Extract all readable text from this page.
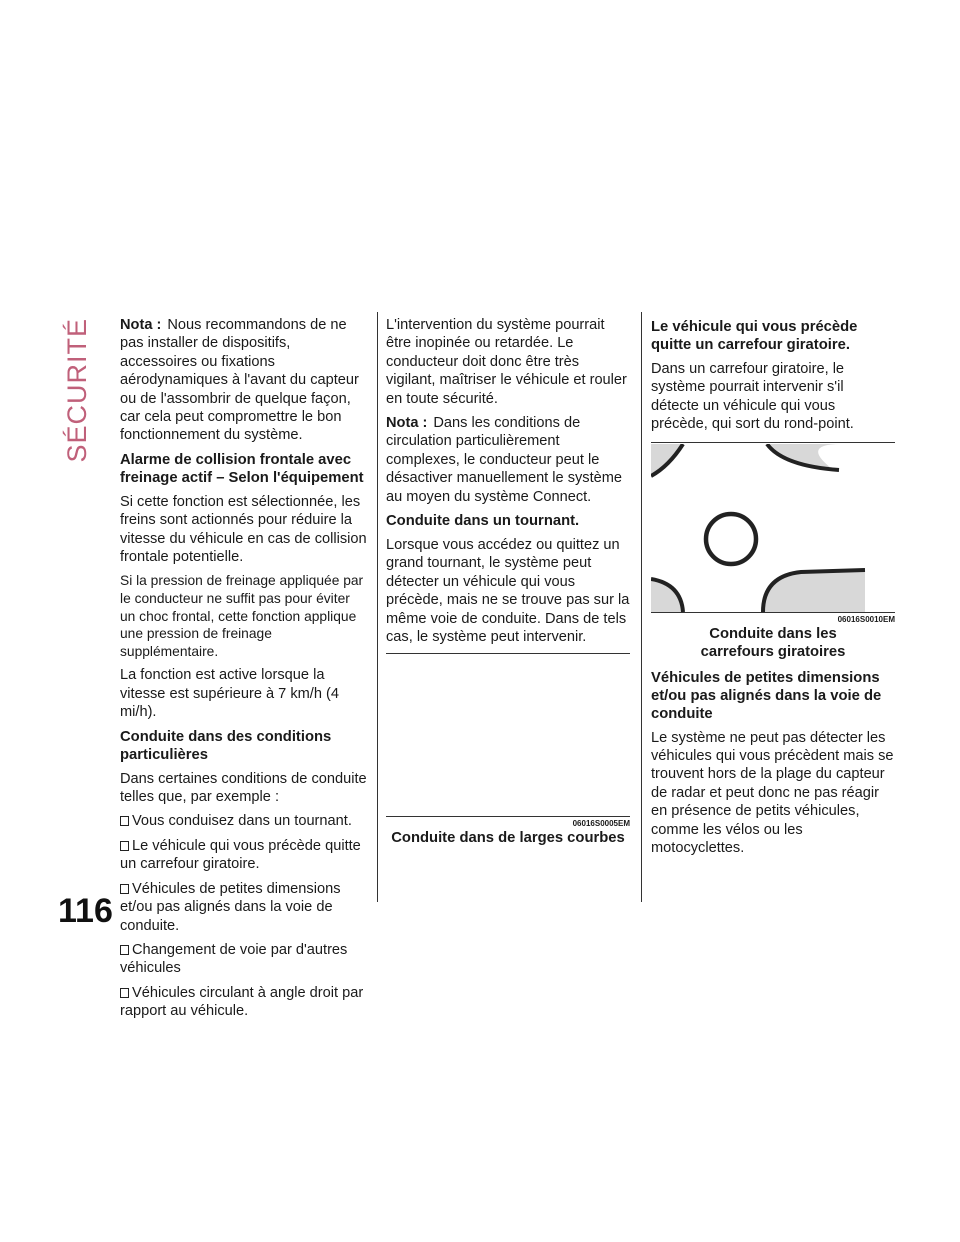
SÉCURITÉ
116

Nota : Nous recommandons de ne pas installer de dispositifs, accessoires ou fixations aérodynamiques à l'avant du capteur ou de l'assombrir de quelque façon, car cela peut compromettre le bon fonctionnement du système.

Alarme de collision frontale avec freinage actif – Selon l'équipement

Si cette fonction est sélectionnée, les freins sont actionnés pour réduire la vitesse du véhicule en cas de collision frontale potentielle.

Si la pression de freinage appliquée par le conducteur ne suffit pas pour éviter un choc frontal, cette fonction applique une pression de freinage supplémentaire.

La fonction est active lorsque la vitesse est supérieure à 7 km/h (4 mi/h).

Conduite dans des conditions particulières

Dans certaines conditions de conduite telles que, par exemple :

Vous conduisez dans un tournant.

Le véhicule qui vous précède quitte un carrefour giratoire.

Véhicules de petites dimensions et/ou pas alignés dans la voie de conduite.

Changement de voie par d'autres véhicules

Véhicules circulant à angle droit par rapport au véhicule.

L'intervention du système pourrait être inopinée ou retardée. Le conducteur doit donc être très vigilant, maîtriser le véhicule et rouler en toute sécurité.

Nota : Dans les conditions de circulation particulièrement complexes, le conducteur peut le désactiver manuellement le système au moyen du système Connect.

Conduite dans un tournant.

Lorsque vous accédez ou quittez un grand tournant, le système peut détecter un véhicule qui vous précède, mais ne se trouve pas sur la même voie de conduite. Dans de tels cas, le système peut intervenir.

06016S0005EM
Conduite dans de larges courbes
Le véhicule qui vous précède quitte un carrefour giratoire.

Dans un carrefour giratoire, le système pourrait intervenir s'il détecte un véhicule qui vous précède, qui sort du rond-point.

06016S0010EM
Conduite dans les carrefours giratoires
Véhicules de petites dimensions et/ou pas alignés dans la voie de conduite

Le système ne peut pas détecter les véhicules qui vous précèdent mais se trouvent hors de la plage du capteur de radar et peut donc ne pas réagir en présence de petits véhicules, comme les vélos ou les motocyclettes.
